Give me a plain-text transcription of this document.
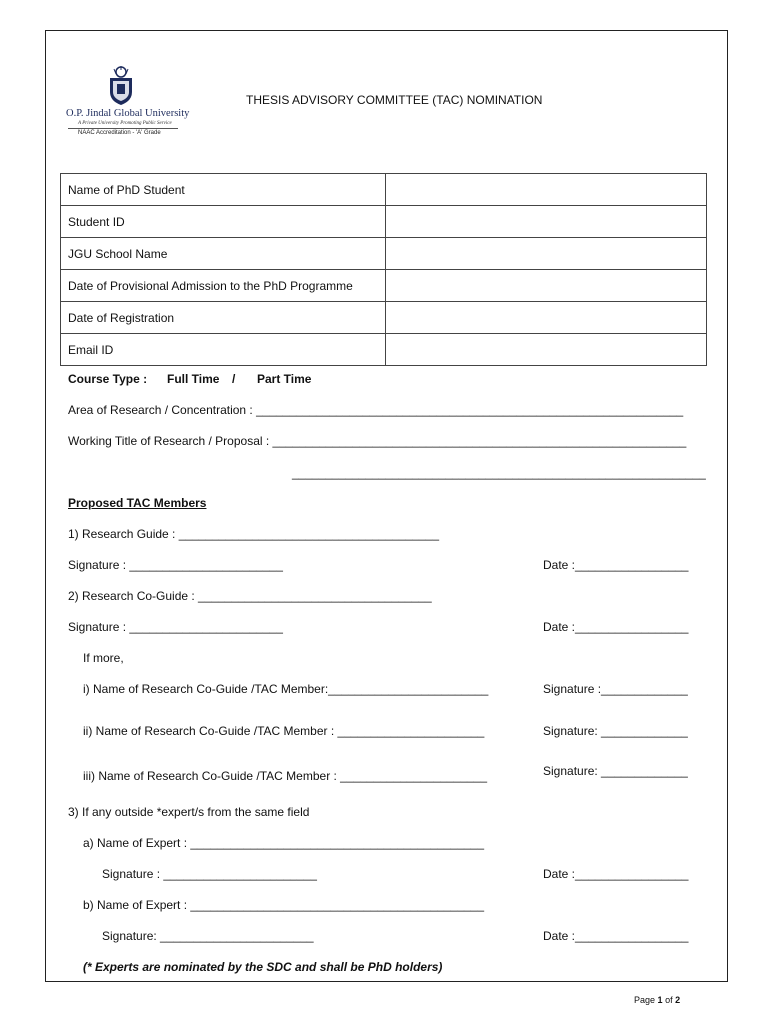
O.P. Jindal Global University
A Private University Promoting Public Service
NAAC Accreditation - 'A' Grade
THESIS ADVISORY COMMITTEE (TAC) NOMINATION
Name of PhD Student	
Student ID	
JGU School Name	
Date of Provisional Admission to the PhD Programme	
Date of Registration	
Email ID	
Course Type : Full Time / Part Time
Area of Research / Concentration : ________________________________________________________________
Working Title of Research / Proposal : ______________________________________________________________
______________________________________________________________
Proposed TAC Members
1) Research Guide : _______________________________________
Signature : _______________________	Date :_________________
2) Research Co-Guide : ___________________________________
Signature : _______________________	Date :_________________
If more,
i) Name of Research Co-Guide /TAC Member:________________________	Signature :_____________
ii) Name of Research Co-Guide /TAC Member : ______________________	Signature: _____________
iii) Name of Research Co-Guide /TAC Member : ______________________	Signature: _____________
3) If any outside *expert/s from the same field
a) Name of Expert : ____________________________________________
Signature : _______________________	Date :_________________
b) Name of Expert : ____________________________________________
Signature: _______________________	Date :_________________
(* Experts are nominated by the SDC and shall be PhD holders)
Page 1 of 2
